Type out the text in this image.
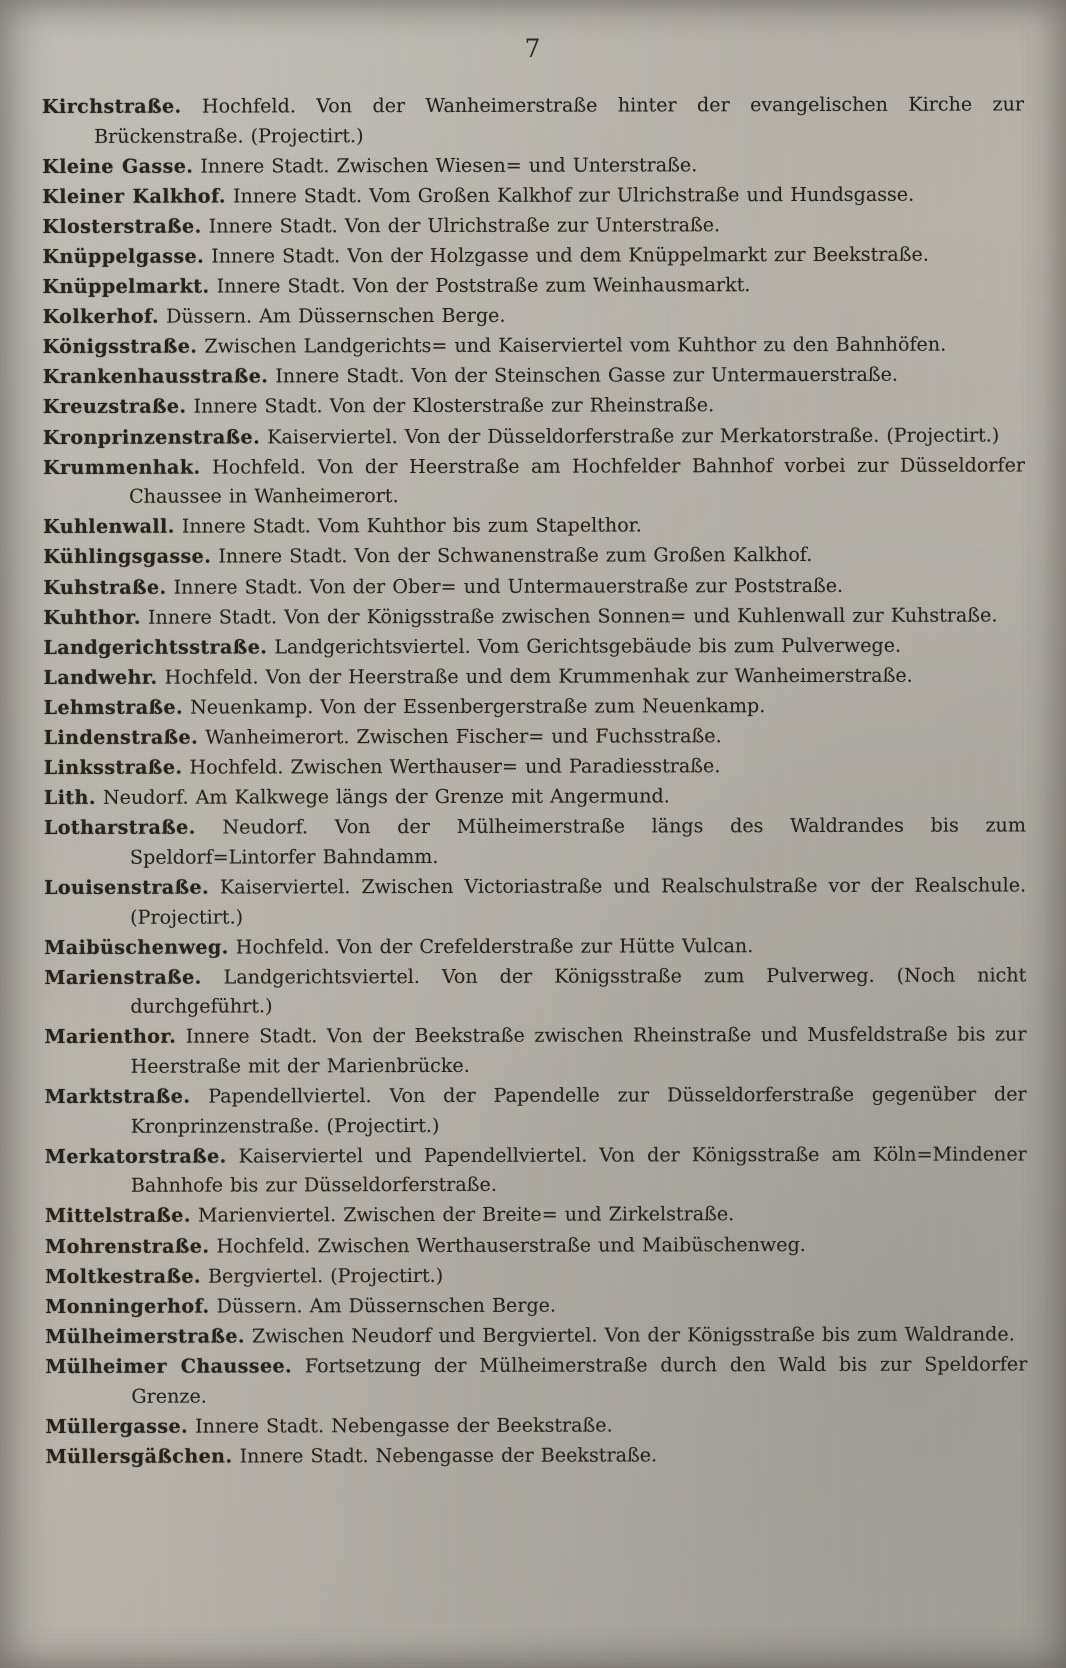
7

Kirchstraße. Hochfeld. Von der Wanheimerstraße hinter der evangelischen Kirche zur Brückenstraße. (Projectirt.)

Kleine Gasse. Innere Stadt. Zwischen Wiesen= und Unterstraße.

Kleiner Kalkhof. Innere Stadt. Vom Großen Kalkhof zur Ulrichstraße und Hundsgasse.

Klosterstraße. Innere Stadt. Von der Ulrichstraße zur Unterstraße.

Knüppelgasse. Innere Stadt. Von der Holzgasse und dem Knüppelmarkt zur Beekstraße.

Knüppelmarkt. Innere Stadt. Von der Poststraße zum Weinhausmarkt.

Kolkerhof. Düssern. Am Düssernschen Berge.

Königsstraße. Zwischen Landgerichts= und Kaiserviertel vom Kuhthor zu den Bahnhöfen.

Krankenhausstraße. Innere Stadt. Von der Steinschen Gasse zur Untermauerstraße.

Kreuzstraße. Innere Stadt. Von der Klosterstraße zur Rheinstraße.

Kronprinzenstraße. Kaiserviertel. Von der Düsseldorferstraße zur Merkatorstraße. (Projectirt.)

Krummenhak. Hochfeld. Von der Heerstraße am Hochfelder Bahnhof vorbei zur Düsseldorfer Chaussee in Wanheimerort.

Kuhlenwall. Innere Stadt. Vom Kuhthor bis zum Stapelthor.

Kühlingsgasse. Innere Stadt. Von der Schwanenstraße zum Großen Kalkhof.

Kuhstraße. Innere Stadt. Von der Ober= und Untermauerstraße zur Poststraße.

Kuhthor. Innere Stadt. Von der Königsstraße zwischen Sonnen= und Kuhlenwall zur Kuhstraße.

Landgerichtsstraße. Landgerichtsviertel. Vom Gerichtsgebäude bis zum Pulverwege.

Landwehr. Hochfeld. Von der Heerstraße und dem Krummenhak zur Wanheimerstraße.

Lehmstraße. Neuenkamp. Von der Essenbergerstraße zum Neuenkamp.

Lindenstraße. Wanheimerort. Zwischen Fischer= und Fuchsstraße.

Linksstraße. Hochfeld. Zwischen Werthauser= und Paradiesstraße.

Lith. Neudorf. Am Kalkwege längs der Grenze mit Angermund.

Lotharstraße. Neudorf. Von der Mülheimerstraße längs des Waldrandes bis zum Speldorf=Lintorfer Bahndamm.

Louisenstraße. Kaiserviertel. Zwischen Victoriastraße und Realschulstraße vor der Realschule. (Projectirt.)

Maibüschenweg. Hochfeld. Von der Crefelderstraße zur Hütte Vulcan.

Marienstraße. Landgerichtsviertel. Von der Königsstraße zum Pulverweg. (Noch nicht durchgeführt.)

Marienthor. Innere Stadt. Von der Beekstraße zwischen Rheinstraße und Musfeldstraße bis zur Heerstraße mit der Marienbrücke.

Marktstraße. Papendellviertel. Von der Papendelle zur Düsseldorferstraße gegenüber der Kronprinzenstraße. (Projectirt.)

Merkatorstraße. Kaiserviertel und Papendellviertel. Von der Königsstraße am Köln=Mindener Bahnhofe bis zur Düsseldorferstraße.

Mittelstraße. Marienviertel. Zwischen der Breite= und Zirkelstraße.

Mohrenstraße. Hochfeld. Zwischen Werthauserstraße und Maibüschenweg.

Moltkestraße. Bergviertel. (Projectirt.)

Monningerhof. Düssern. Am Düssernschen Berge.

Mülheimerstraße. Zwischen Neudorf und Bergviertel. Von der Königsstraße bis zum Waldrande.

Mülheimer Chaussee. Fortsetzung der Mülheimerstraße durch den Wald bis zur Speldorfer Grenze.

Müllergasse. Innere Stadt. Nebengasse der Beekstraße.

Müllersgäßchen. Innere Stadt. Nebengasse der Beekstraße.
